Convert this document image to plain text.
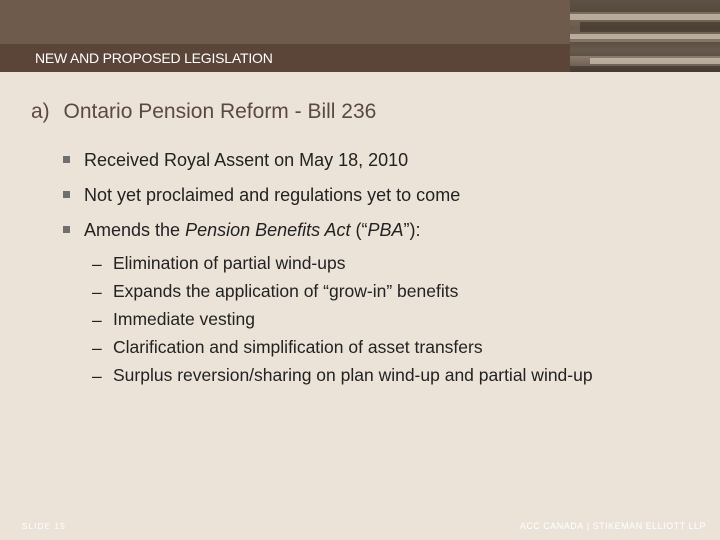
NEW AND PROPOSED LEGISLATION
a) Ontario Pension Reform - Bill 236
Received Royal Assent on May 18, 2010
Not yet proclaimed and regulations yet to come
Amends the Pension Benefits Act (“PBA”):
– Elimination of partial wind-ups
– Expands the application of “grow-in” benefits
– Immediate vesting
– Clarification and simplification of asset transfers
– Surplus reversion/sharing on plan wind-up and partial wind-up
SLIDE 15	ACC CANADA | STIKEMAN ELLIOTT LLP
